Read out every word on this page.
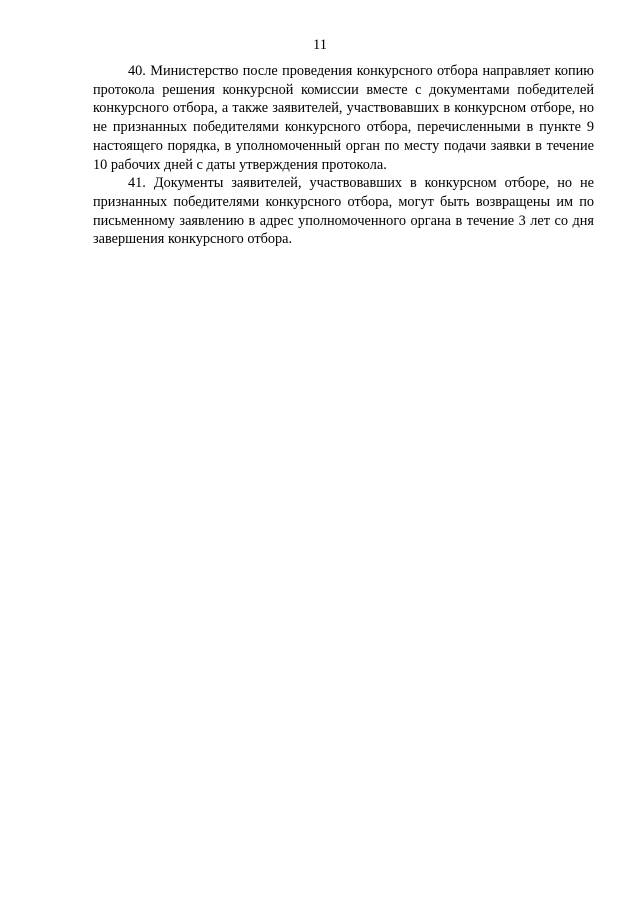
11

40. Министерство после проведения конкурсного отбора направляет копию протокола решения конкурсной комиссии вместе с документами победителей конкурсного отбора, а также заявителей, участвовавших в конкурсном отборе, но не признанных победителями конкурсного отбора, перечисленными в пункте 9 настоящего порядка, в уполномоченный орган по месту подачи заявки в течение 10 рабочих дней с даты утверждения протокола.

41. Документы заявителей, участвовавших в конкурсном отборе, но не признанных победителями конкурсного отбора, могут быть возвращены им по письменному заявлению в адрес уполномоченного органа в течение 3 лет со дня завершения конкурсного отбора.
